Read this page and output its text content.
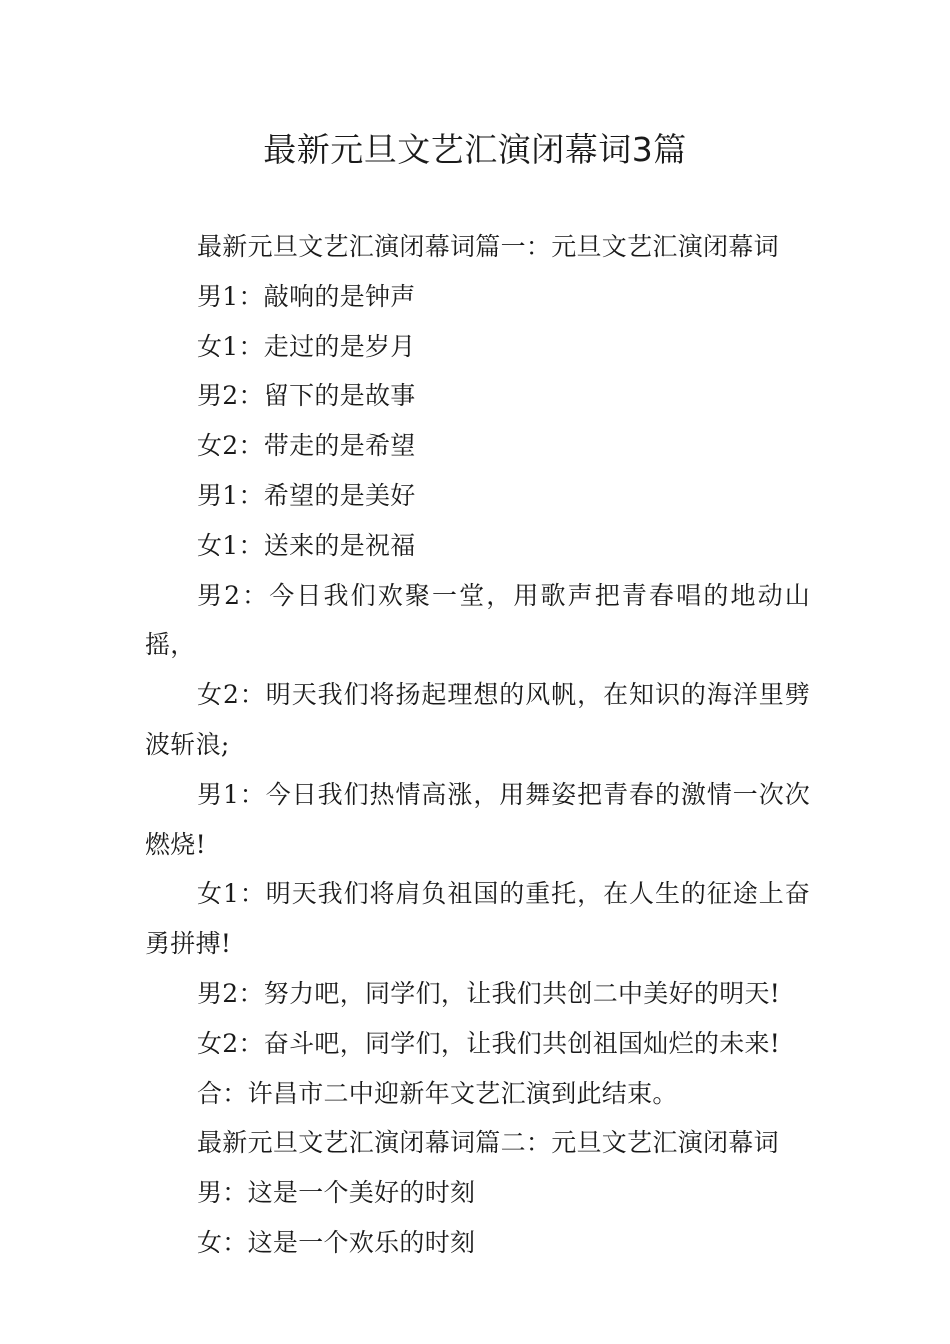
最新元旦文艺汇演闭幕词3篇

最新元旦文艺汇演闭幕词篇一：元旦文艺汇演闭幕词

男1：敲响的是钟声

女1：走过的是岁月

男2：留下的是故事

女2：带走的是希望

男1：希望的是美好

女1：送来的是祝福

男2：今日我们欢聚一堂，用歌声把青春唱的地动山摇，

女2：明天我们将扬起理想的风帆，在知识的海洋里劈波斩浪;

男1：今日我们热情高涨，用舞姿把青春的激情一次次燃烧!

女1：明天我们将肩负祖国的重托，在人生的征途上奋勇拼搏!

男2：努力吧，同学们，让我们共创二中美好的明天!

女2：奋斗吧，同学们，让我们共创祖国灿烂的未来!

合：许昌市二中迎新年文艺汇演到此结束。

最新元旦文艺汇演闭幕词篇二：元旦文艺汇演闭幕词

男：这是一个美好的时刻

女：这是一个欢乐的时刻
